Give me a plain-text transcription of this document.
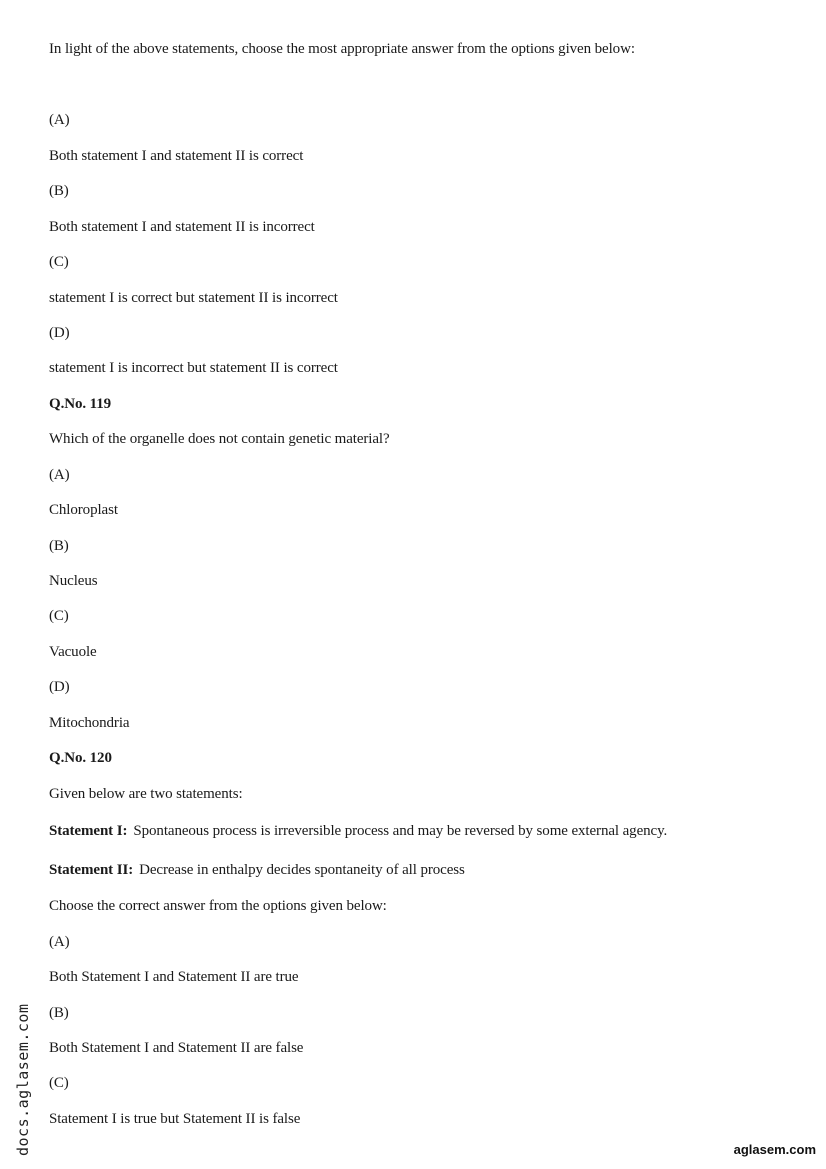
In light of the above statements, choose the most appropriate answer from the options given below:
(A)
Both statement I and statement II is correct
(B)
Both statement I and statement II is incorrect
(C)
statement I is correct but statement II is incorrect
(D)
statement I is incorrect but statement II is correct
Q.No. 119
Which of the organelle does not contain genetic material?
(A)
Chloroplast
(B)
Nucleus
(C)
Vacuole
(D)
Mitochondria
Q.No. 120
Given below are two statements:
Statement I: Spontaneous process is irreversible process and may be reversed by some external agency.
Statement II: Decrease in enthalpy decides spontaneity of all process
Choose the correct answer from the options given below:
(A)
Both Statement I and Statement II are true
(B)
Both Statement I and Statement II are false
(C)
Statement I is true but Statement II is false
docs.aglasem.com	aglasem.com
